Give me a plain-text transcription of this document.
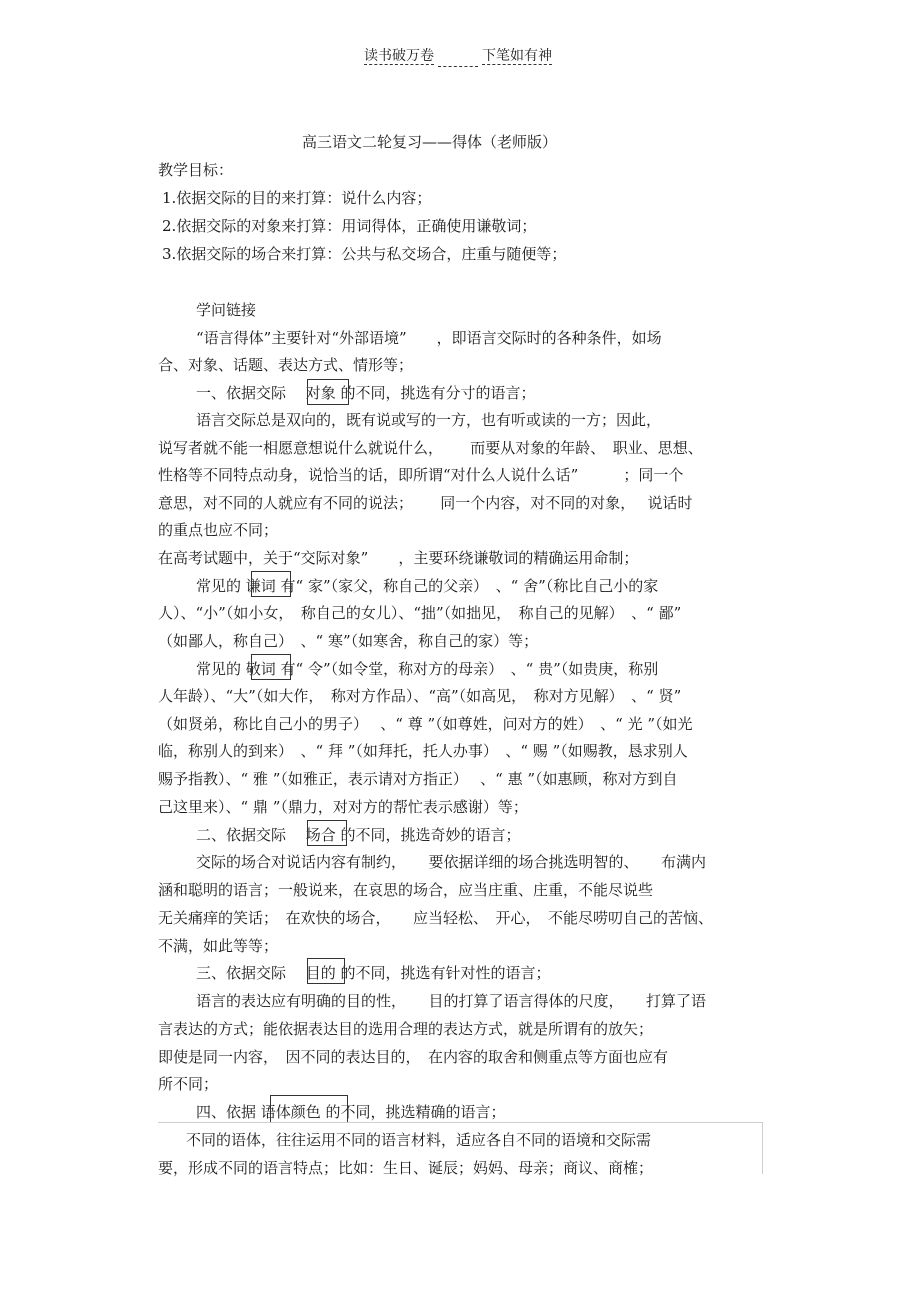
读书破万卷	下笔如有神
高三语文二轮复习——得体（老师版）
教学目标：
1.依据交际的目的来打算：说什么内容；
2.依据交际的对象来打算：用词得体，正确使用谦敬词；
3.依据交际的场合来打算：公共与私交场合，庄重与随便等；
学问链接
“语言得体”主要针对“外部语境”　　，即语言交际时的各种条件，如场
合、对象、话题、表达方式、情形等；
一、依据交际　 对象 的不同，挑选有分寸的语言；
语言交际总是双向的，既有说或写的一方，也有听或读的一方；因此，
说写者就不能一相愿意想说什么就说什么，　　 而要从对象的年龄、　职业、思想、
性格等不同特点动身，说恰当的话，即所谓“对什么人说什么话”　　　；同一个
意思，对不同的人就应有不同的说法；　　 同一个内容，对不同的对象，　 说话时
的重点也应不同；
在高考试题中，关于“交际对象”　　，主要环绕谦敬词的精确运用命制；
常见的 谦词 有“ 家”（家父，称自己的父亲）　、“ 舍”（称比自己小的家
人）、“小”（如小女，　称自己的女儿）、“拙”（如拙见，　称自己的见解）　、“ 鄙”
（如鄙人，称自己）　、“ 寒”（如寒舍，称自己的家）等；
常见的 敬词 有“ 令”（如令堂，称对方的母亲）　、“ 贵”（如贵庚，称别
人年龄）、“大”（如大作，　称对方作品）、“高”（如高见，　称对方见解）　、“ 贤”
（如贤弟，称比自己小的男子）　 、“ 尊 ”（如尊姓，问对方的姓）　、“ 光 ”（如光
临，称别人的到来）　、“ 拜 ”（如拜托，托人办事）　、“ 赐 ”（如赐教，恳求别人
赐予指教）、“ 雅 ”（如雅正，表示请对方指正）　 、“ 惠 ”（如惠顾，称对方到自
己这里来）、“ 鼎 ”（鼎力，对对方的帮忙表示感谢）等；
二、依据交际　 场合 的不同，挑选奇妙的语言；
交际的场合对说话内容有制约，　　要依据详细的场合挑选明智的、　　布满内
涵和聪明的语言；一般说来，在哀思的场合，应当庄重、庄重，不能尽说些
无关痛痒的笑话；　在欢快的场合，　　应当轻松、　开心，　不能尽唠叨自己的苦恼、
不满，如此等等；
三、依据交际　 目的 的不同，挑选有针对性的语言；
语言的表达应有明确的目的性，　　目的打算了语言得体的尺度，　　打算了语
言表达的方式；能依据表达目的选用合理的表达方式，就是所谓有的放矢；
即使是同一内容，　因不同的表达目的，　在内容的取舍和侧重点等方面也应有
所不同；
四、依据 语体颜色 的不同，挑选精确的语言；
不同的语体，往往运用不同的语言材料，适应各自不同的语境和交际需
要，形成不同的语言特点；比如：生日、诞辰；妈妈、母亲；商议、商榷；
